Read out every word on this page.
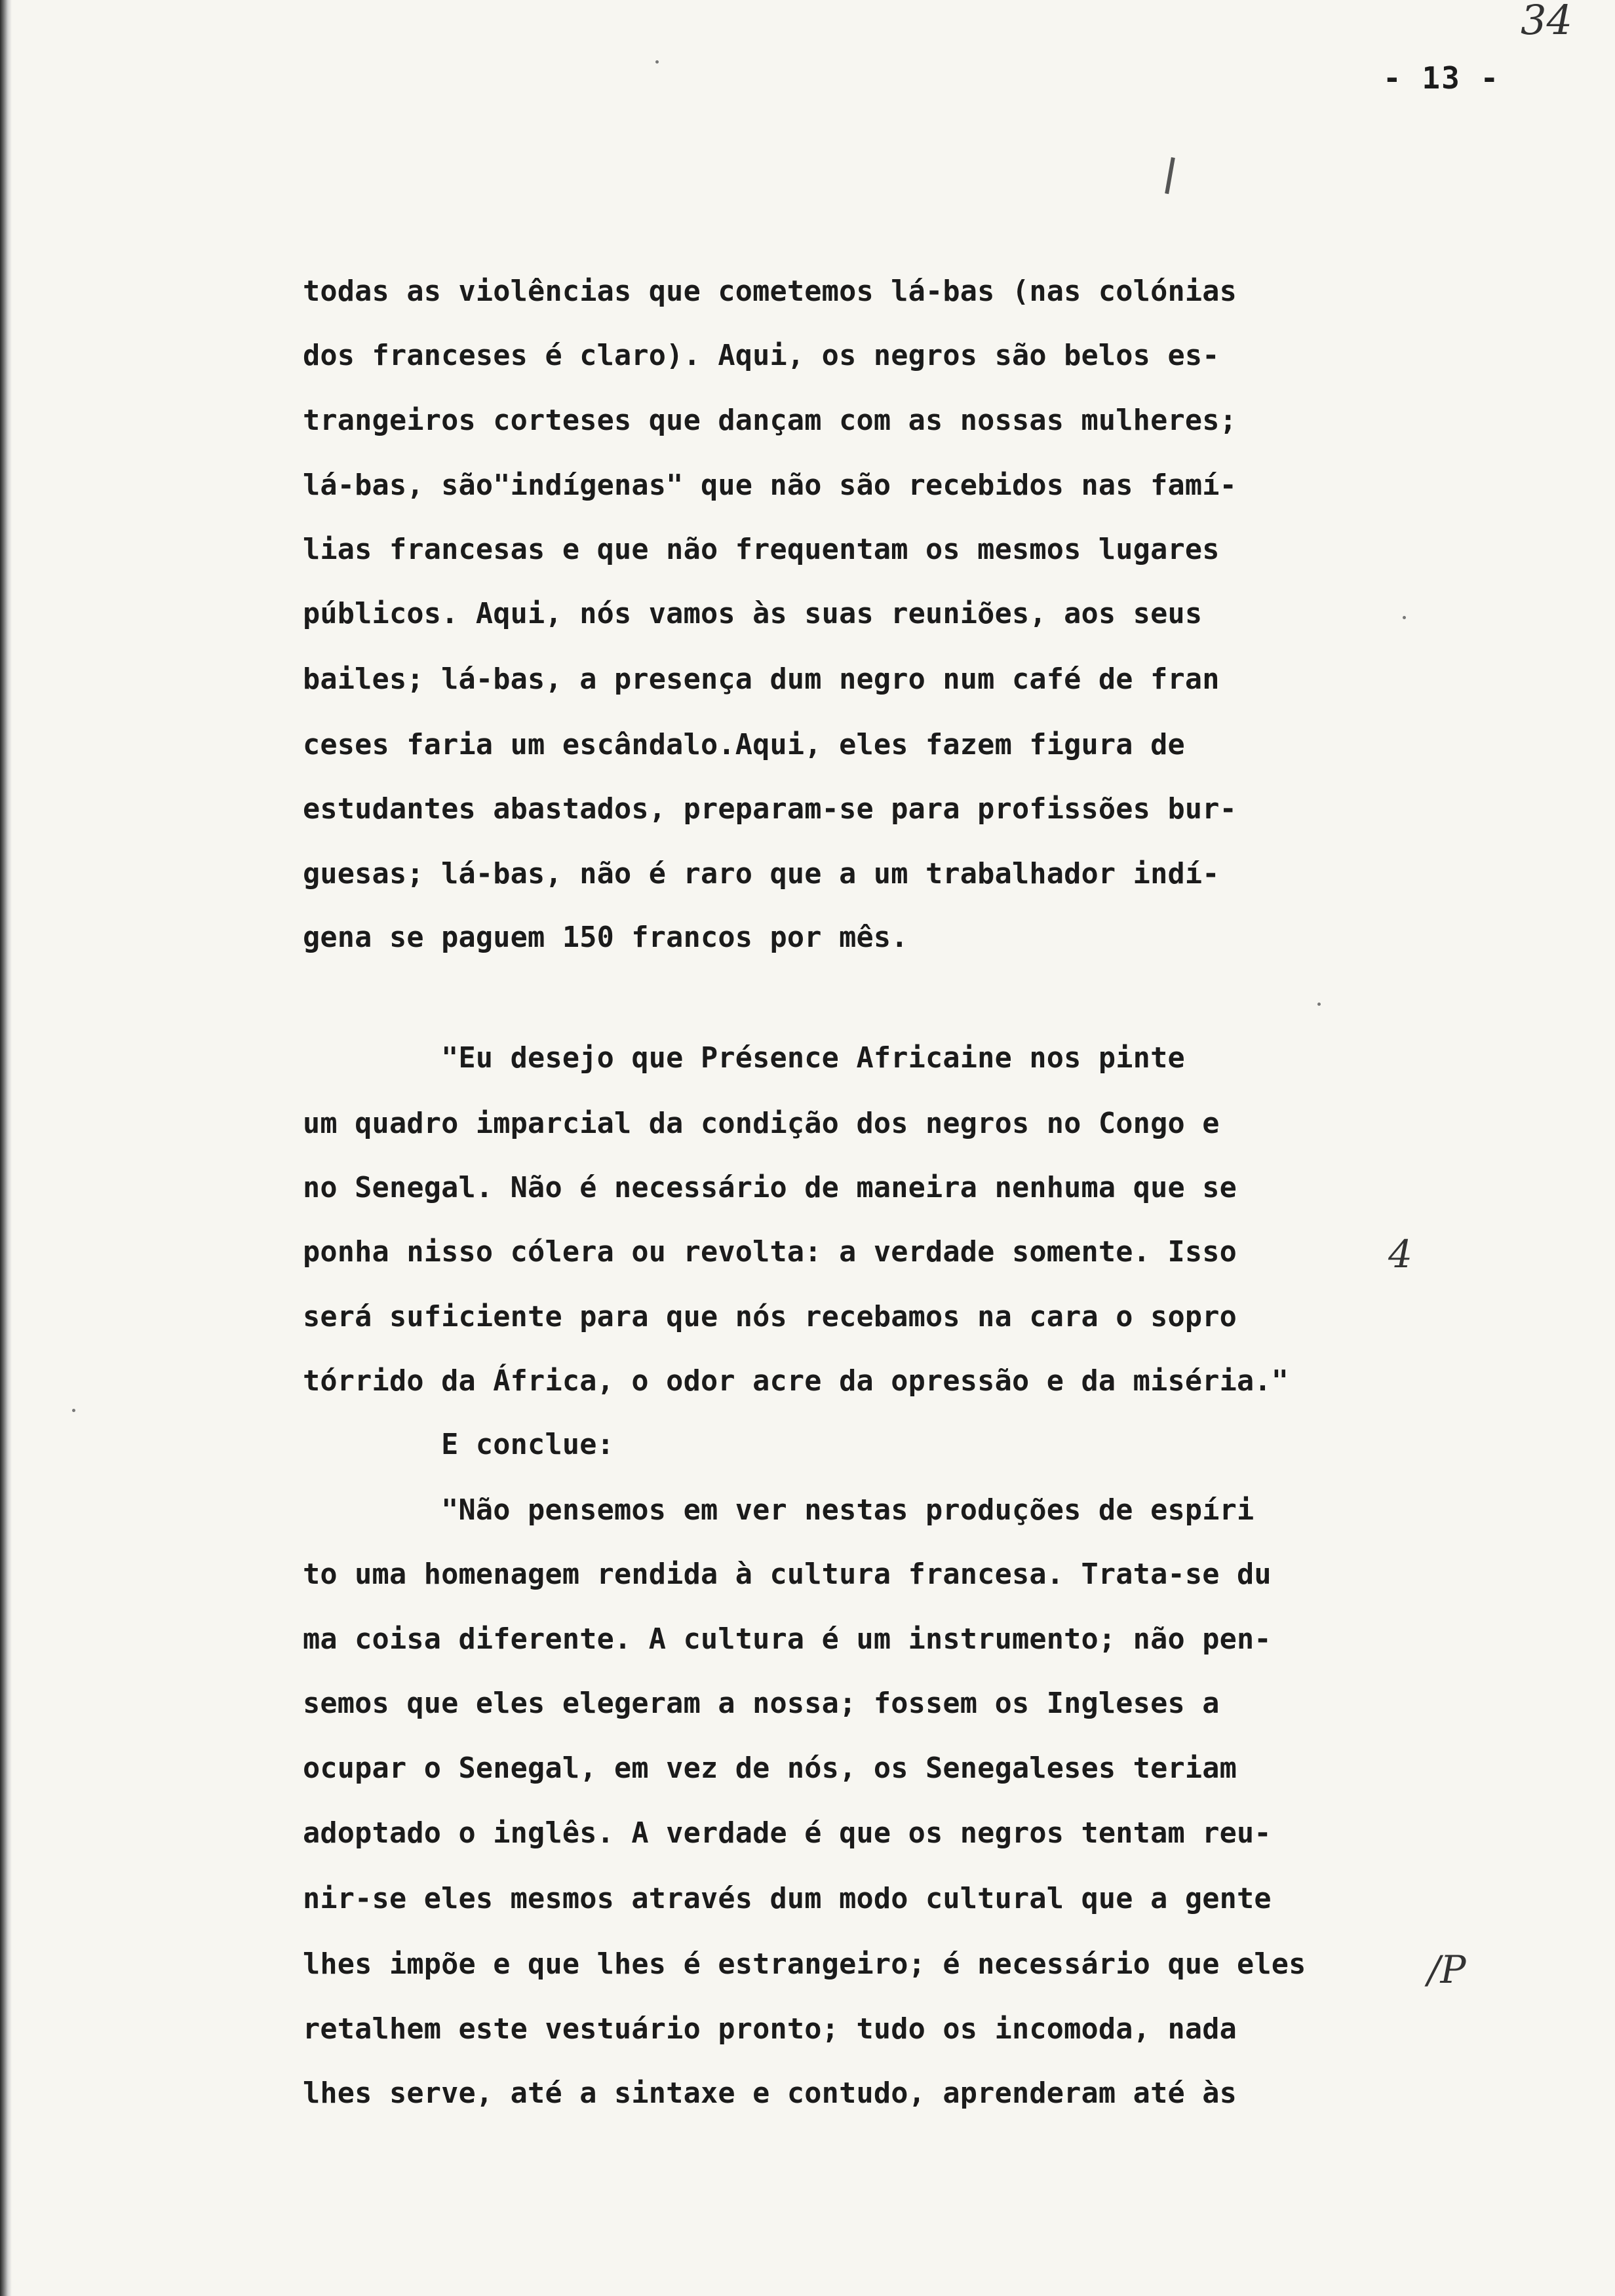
34
- 13 -
todas as violências que cometemos lá-bas (nas colónias
dos franceses é claro). Aqui, os negros são belos es-
trangeiros corteses que dançam com as nossas mulheres;
lá-bas, são"indígenas" que não são recebidos nas famí-
lias francesas e que não frequentam os mesmos lugares
públicos. Aqui, nós vamos às suas reuniões, aos seus
bailes; lá-bas, a presença dum negro num café de fran
ceses faria um escândalo.Aqui, eles fazem figura de
estudantes abastados, preparam-se para profissões bur-
guesas; lá-bas, não é raro que a um trabalhador indí-
gena se paguem 150 francos por mês.
"Eu desejo que Présence Africaine nos pinte
um quadro imparcial da condição dos negros no Congo e
no Senegal. Não é necessário de maneira nenhuma que se
ponha nisso cólera ou revolta: a verdade somente. Isso
será suficiente para que nós recebamos na cara o sopro
tórrido da África, o odor acre da opressão e da miséria."
E conclue:
"Não pensemos em ver nestas produções de espíri
to uma homenagem rendida à cultura francesa. Trata-se du
ma coisa diferente. A cultura é um instrumento; não pen-
semos que eles elegeram a nossa; fossem os Ingleses a
ocupar o Senegal, em vez de nós, os Senegaleses teriam
adoptado o inglês. A verdade é que os negros tentam reu-
nir-se eles mesmos através dum modo cultural que a gente
lhes impõe e que lhes é estrangeiro; é necessário que eles
retalhem este vestuário pronto; tudo os incomoda, nada
lhes serve, até a sintaxe e contudo, aprenderam até às
4
/P
